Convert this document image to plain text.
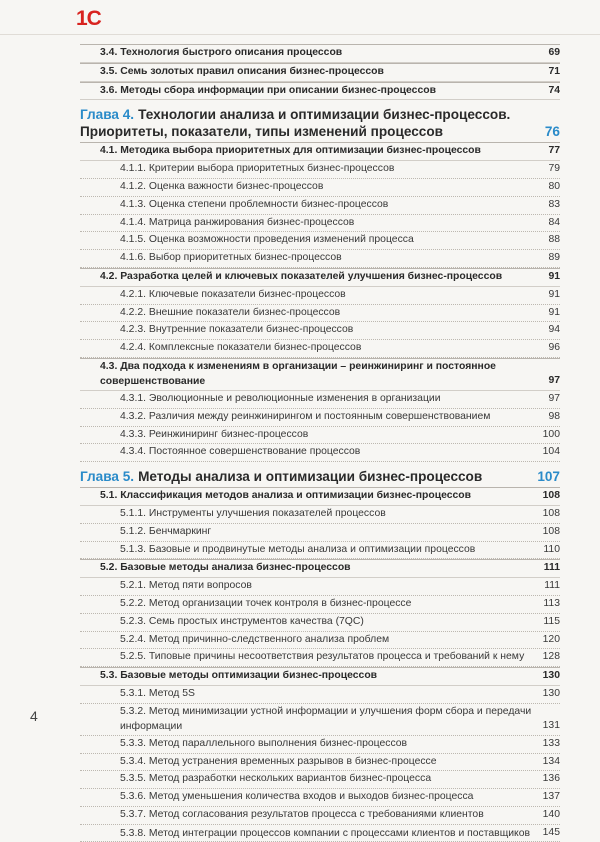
1С
3.4. Технология быстрого описания процессов	69
3.5. Семь золотых правил описания бизнес-процессов	71
3.6. Методы сбора информации при описании бизнес-процессов	74
Глава 4. Технологии анализа и оптимизации бизнес-процессов. Приоритеты, показатели, типы изменений процессов	76
4.1. Методика выбора приоритетных для оптимизации бизнес-процессов	77
4.1.1. Критерии выбора приоритетных бизнес-процессов	79
4.1.2. Оценка важности бизнес-процессов	80
4.1.3. Оценка степени проблемности бизнес-процессов	83
4.1.4. Матрица ранжирования бизнес-процессов	84
4.1.5. Оценка возможности проведения изменений процесса	88
4.1.6. Выбор приоритетных бизнес-процессов	89
4.2. Разработка целей и ключевых показателей улучшения бизнес-процессов	91
4.2.1. Ключевые показатели бизнес-процессов	91
4.2.2. Внешние показатели бизнес-процессов	91
4.2.3. Внутренние показатели бизнес-процессов	94
4.2.4. Комплексные показатели бизнес-процессов	96
4.3. Два подхода к изменениям в организации – реинжиниринг и постоянное совершенствование	97
4.3.1. Эволюционные и революционные изменения в организации	97
4.3.2. Различия между реинжинирингом и постоянным совершенствованием	98
4.3.3. Реинжиниринг бизнес-процессов	100
4.3.4. Постоянное совершенствование процессов	104
Глава 5. Методы анализа и оптимизации бизнес-процессов	107
5.1. Классификация методов анализа и оптимизации бизнес-процессов	108
5.1.1. Инструменты улучшения показателей процессов	108
5.1.2. Бенчмаркинг	108
5.1.3. Базовые и продвинутые методы анализа и оптимизации процессов	110
5.2. Базовые методы анализа бизнес-процессов	111
5.2.1. Метод пяти вопросов	111
5.2.2. Метод организации точек контроля в бизнес-процессе	113
5.2.3. Семь простых инструментов качества (7QC)	115
5.2.4. Метод причинно-следственного анализа проблем	120
5.2.5. Типовые причины несоответствия результатов процесса и требований к нему	128
5.3. Базовые методы оптимизации бизнес-процессов	130
5.3.1. Метод 5S	130
5.3.2. Метод минимизации устной информации и улучшения форм сбора и передачи информации	131
5.3.3. Метод параллельного выполнения бизнес-процессов	133
5.3.4. Метод устранения временных разрывов в бизнес-процессе	134
5.3.5. Метод разработки нескольких вариантов бизнес-процесса	136
5.3.6. Метод уменьшения количества входов и выходов бизнес-процесса	137
5.3.7. Метод согласования результатов процесса с требованиями клиентов	140
5.3.8. Метод интеграции процессов компании с процессами клиентов и поставщиков	145
4
